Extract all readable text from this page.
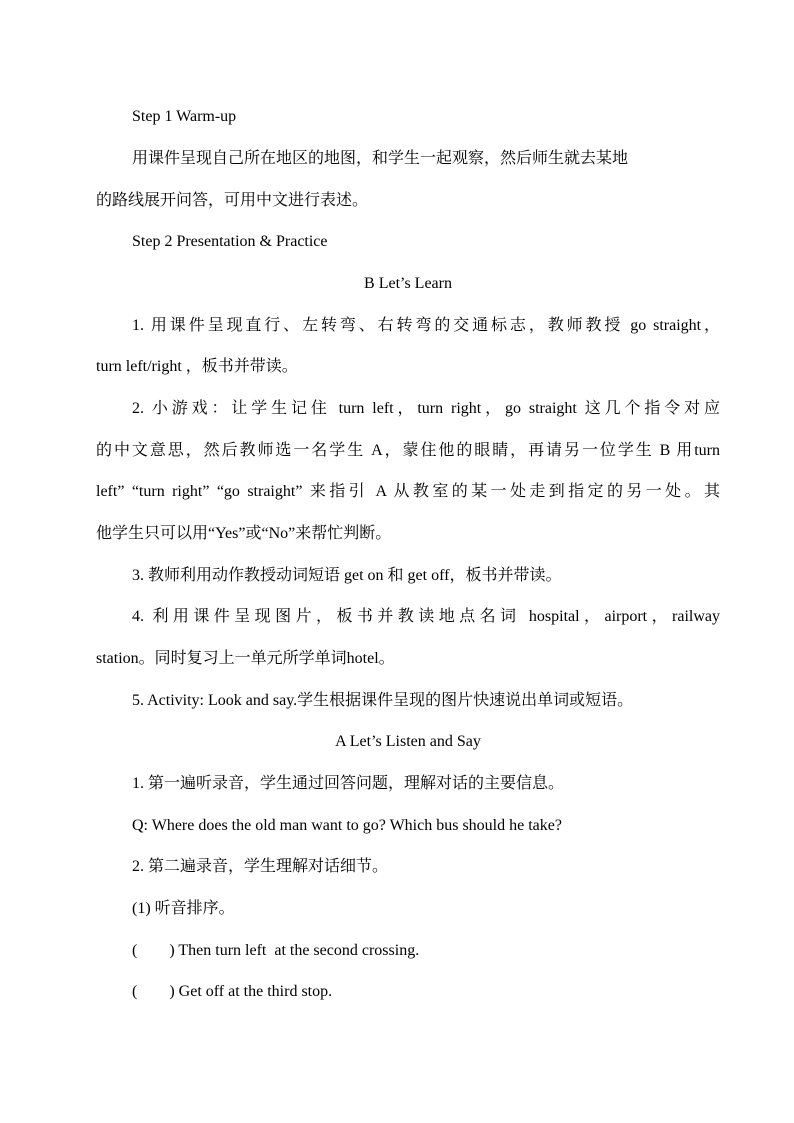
Step 1 Warm-up
用课件呈现自己所在地区的地图，和学生一起观察，然后师生就去某地
的路线展开问答，可用中文进行表述。
Step 2 Presentation & Practice
B Let’s Learn
1. 用课件呈现直行、左转弯、右转弯的交通标志，教师教授 go straight，
turn left/right ，板书并带读。
2. 小游戏：让学生记住 turn left，turn right，go straight 这几个指令对应
的中文意思，然后教师选一名学生 A，蒙住他的眼睛，再请另一位学生 B 用turn
left” “turn right” “go straight” 来指引 A 从教室的某一处走到指定的另一处。其
他学生只可以用“Yes”或“No”来帮忙判断。
3. 教师利用动作教授动词短语 get on 和 get off，板书并带读。
4. 利用课件呈现图片，板书并教读地点名词 hospital，airport，railway
station。同时复习上一单元所学单词hotel。
5. Activity: Look and say.学生根据课件呈现的图片快速说出单词或短语。
A Let’s Listen and Say
1. 第一遍听录音，学生通过回答问题，理解对话的主要信息。
Q: Where does the old man want to go? Which bus should he take?
2. 第二遍录音，学生理解对话细节。
(1) 听音排序。
(        ) Then turn left  at the second crossing.
(        ) Get off at the third stop.
